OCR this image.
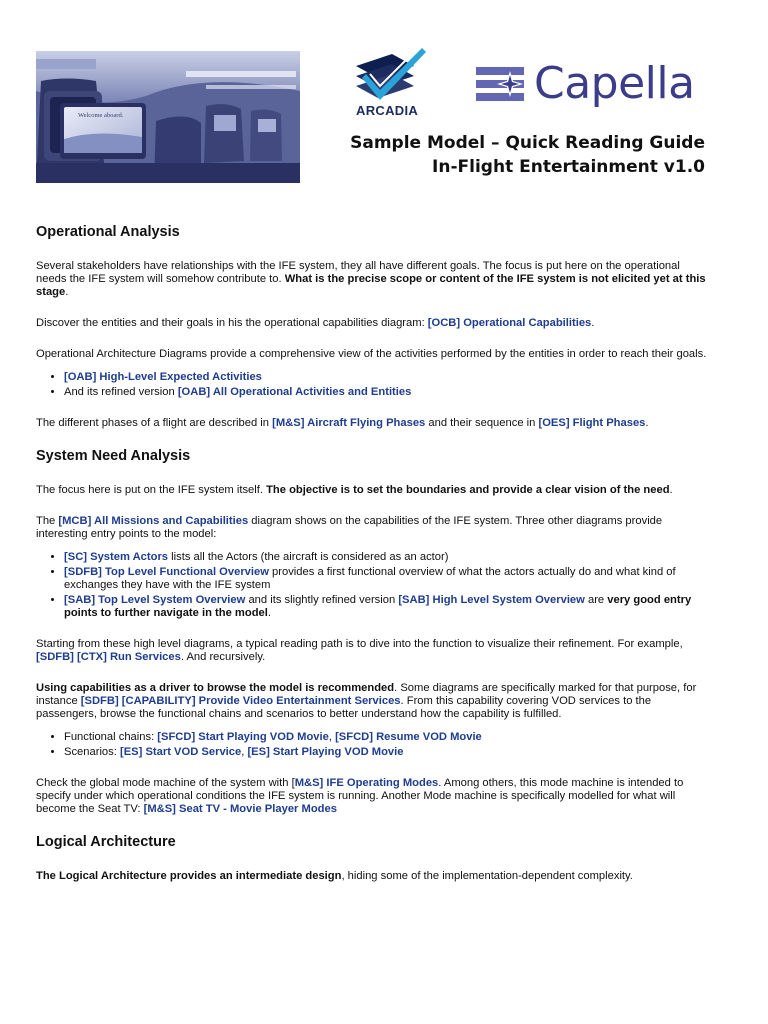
Welcome aboard.	ARCADIA
Capella
Sample Model – Quick Reading Guide
In-Flight Entertainment v1.0
Operational Analysis

Several stakeholders have relationships with the IFE system, they all have different goals. The focus is put here on the operational needs the IFE system will somehow contribute to. What is the precise scope or content of the IFE system is not elicited yet at this stage.

Discover the entities and their goals in his the operational capabilities diagram: [OCB] Operational Capabilities.

Operational Architecture Diagrams provide a comprehensive view of the activities performed by the entities in order to reach their goals.

• [OAB] High-Level Expected Activities
• And its refined version [OAB] All Operational Activities and Entities

The different phases of a flight are described in [M&S] Aircraft Flying Phases and their sequence in [OES] Flight Phases.

System Need Analysis

The focus here is put on the IFE system itself. The objective is to set the boundaries and provide a clear vision of the need.

The [MCB] All Missions and Capabilities diagram shows on the capabilities of the IFE system. Three other diagrams provide interesting entry points to the model:

• [SC] System Actors lists all the Actors (the aircraft is considered as an actor)
• [SDFB] Top Level Functional Overview provides a first functional overview of what the actors actually do and what kind of exchanges they have with the IFE system
• [SAB] Top Level System Overview and its slightly refined version [SAB] High Level System Overview are very good entry points to further navigate in the model.

Starting from these high level diagrams, a typical reading path is to dive into the function to visualize their refinement. For example, [SDFB] [CTX] Run Services. And recursively.

Using capabilities as a driver to browse the model is recommended. Some diagrams are specifically marked for that purpose, for instance [SDFB] [CAPABILITY] Provide Video Entertainment Services. From this capability covering VOD services to the passengers, browse the functional chains and scenarios to better understand how the capability is fulfilled.

• Functional chains: [SFCD] Start Playing VOD Movie, [SFCD] Resume VOD Movie
• Scenarios: [ES] Start VOD Service, [ES] Start Playing VOD Movie

Check the global mode machine of the system with [M&S] IFE Operating Modes. Among others, this mode machine is intended to specify under which operational conditions the IFE system is running. Another Mode machine is specifically modelled for what will become the Seat TV: [M&S] Seat TV - Movie Player Modes

Logical Architecture

The Logical Architecture provides an intermediate design, hiding some of the implementation-dependent complexity.
